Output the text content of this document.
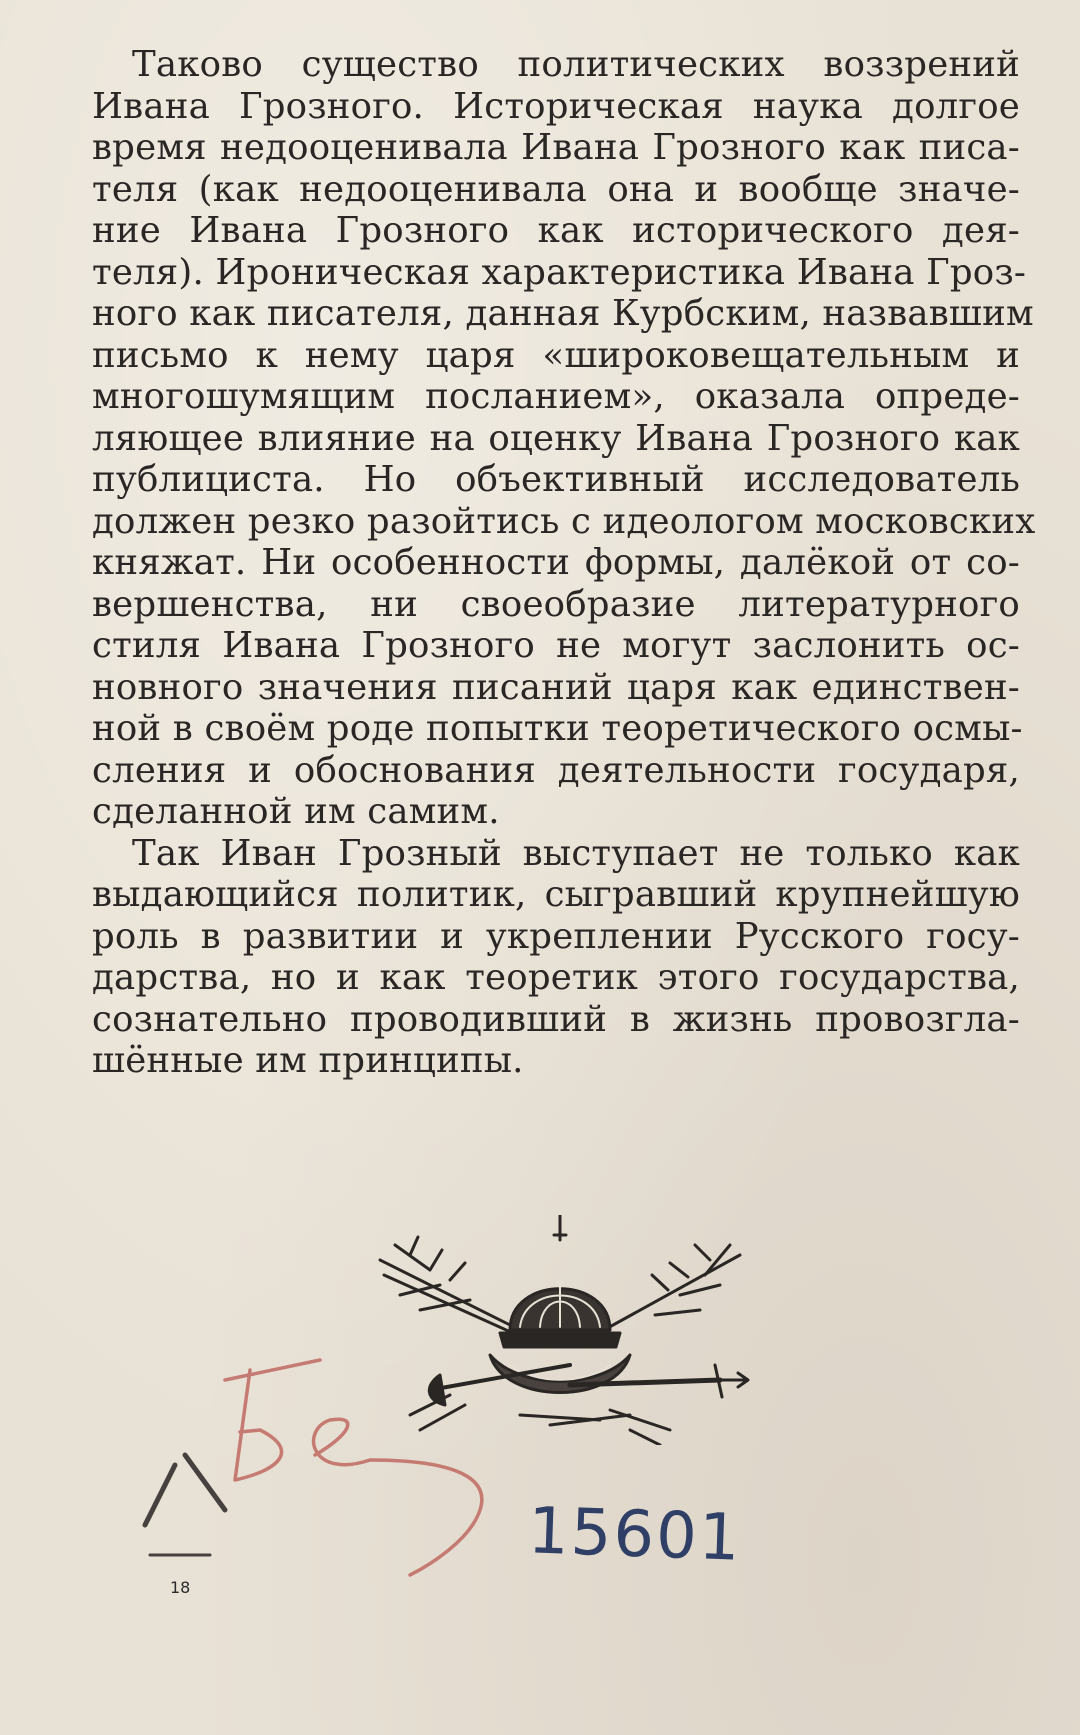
Таково существо политических воззрений
Ивана Грозного. Историческая наука долгое
время недооценивала Ивана Грозного как писа-
теля (как недооценивала она и вообще значе-
ние Ивана Грозного как исторического дея-
теля). Ироническая характеристика Ивана Гроз-
ного как писателя, данная Курбским, назвавшим
письмо к нему царя «широковещательным и
многошумящим посланием», оказала опреде-
ляющее влияние на оценку Ивана Грозного как
публициста. Но объективный исследователь
должен резко разойтись с идеологом московских
княжат. Ни особенности формы, далёкой от со-
вершенства, ни своеобразие литературного
стиля Ивана Грозного не могут заслонить ос-
новного значения писаний царя как единствен-
ной в своём роде попытки теоретического осмы-
сления и обоснования деятельности государя,
сделанной им самим.
Так Иван Грозный выступает не только как
выдающийся политик, сыгравший крупнейшую
роль в развитии и укреплении Русского госу-
дарства, но и как теоретик этого государства,
сознательно проводивший в жизнь провозгла-
шённые им принципы.
18
15601
